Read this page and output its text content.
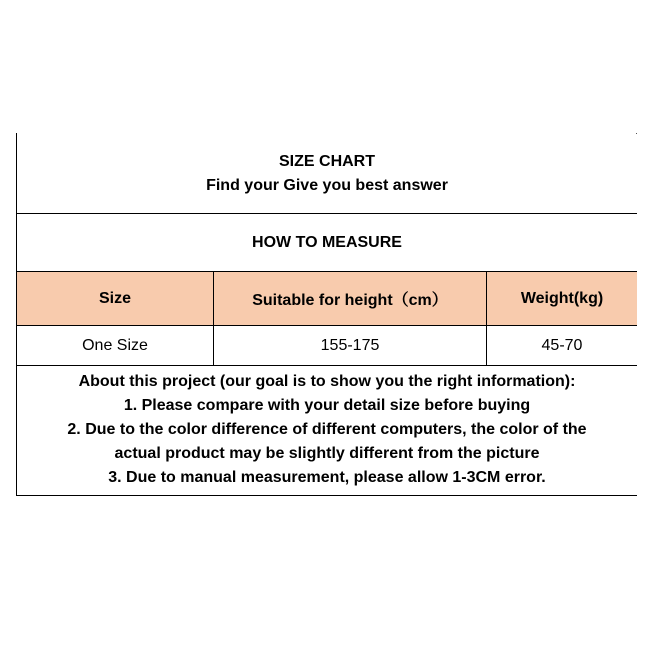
SIZE CHART
Find your Give you best answer
HOW TO MEASURE
Size	Suitable for height（cm）	Weight(kg)
One Size	155-175	45-70
About this project (our goal is to show you the right information):
1. Please compare with your detail size before buying
2. Due to the color difference of different computers, the color of the
actual product may be slightly different from the picture
3. Due to manual measurement, please allow 1-3CM error.
